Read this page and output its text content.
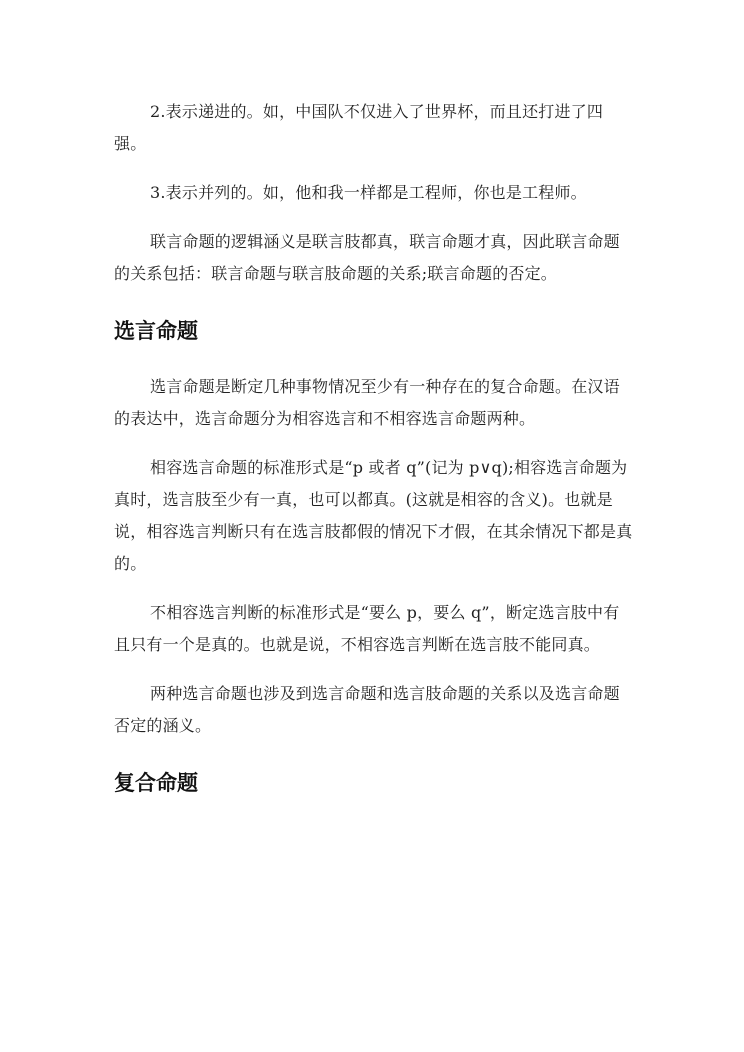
2.表示递进的。如，中国队不仅进入了世界杯，而且还打进了四强。

3.表示并列的。如，他和我一样都是工程师，你也是工程师。

联言命题的逻辑涵义是联言肢都真，联言命题才真，因此联言命题的关系包括：联言命题与联言肢命题的关系;联言命题的否定。

选言命题

选言命题是断定几种事物情况至少有一种存在的复合命题。在汉语的表达中，选言命题分为相容选言和不相容选言命题两种。

相容选言命题的标准形式是“p 或者 q”(记为 p∨q);相容选言命题为真时，选言肢至少有一真，也可以都真。(这就是相容的含义)。也就是说，相容选言判断只有在选言肢都假的情况下才假，在其余情况下都是真的。

不相容选言判断的标准形式是“要么 p，要么 q”，断定选言肢中有且只有一个是真的。也就是说，不相容选言判断在选言肢不能同真。

两种选言命题也涉及到选言命题和选言肢命题的关系以及选言命题否定的涵义。

复合命题
